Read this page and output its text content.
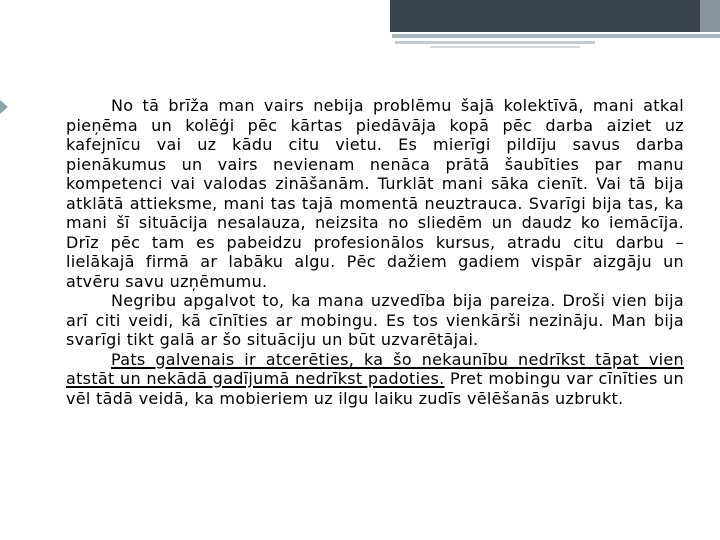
No tā brīža man vairs nebija problēmu šajā kolektīvā, mani atkal pieņēma un kolēģi pēc kārtas piedāvāja kopā pēc darba aiziet uz kafejnīcu vai uz kādu citu vietu. Es mierīgi pildīju savus darba pienākumus un vairs nevienam nenāca prātā šaubīties par manu kompetenci vai valodas zināšanām. Turklāt mani sāka cienīt. Vai tā bija atklātā attieksme, mani tas tajā momentā neuztrauca. Svarīgi bija tas, ka mani šī situācija nesalauza, neizsita no sliedēm un daudz ko iemācīja. Drīz pēc tam es pabeidzu profesionālos kursus, atradu citu darbu – lielākajā firmā ar labāku algu. Pēc dažiem gadiem vispār aizgāju un atvēru savu uzņēmumu.

Negribu apgalvot to, ka mana uzvedība bija pareiza. Droši vien bija arī citi veidi, kā cīnīties ar mobingu. Es tos vienkārši nezināju. Man bija svarīgi tikt galā ar šo situāciju un būt uzvarētājai.

Pats galvenais ir atcerēties, ka šo nekaunību nedrīkst tāpat vien atstāt un nekādā gadījumā nedrīkst padoties. Pret mobingu var cīnīties un vēl tādā veidā, ka mobieriem uz ilgu laiku zudīs vēlēšanās uzbrukt.
